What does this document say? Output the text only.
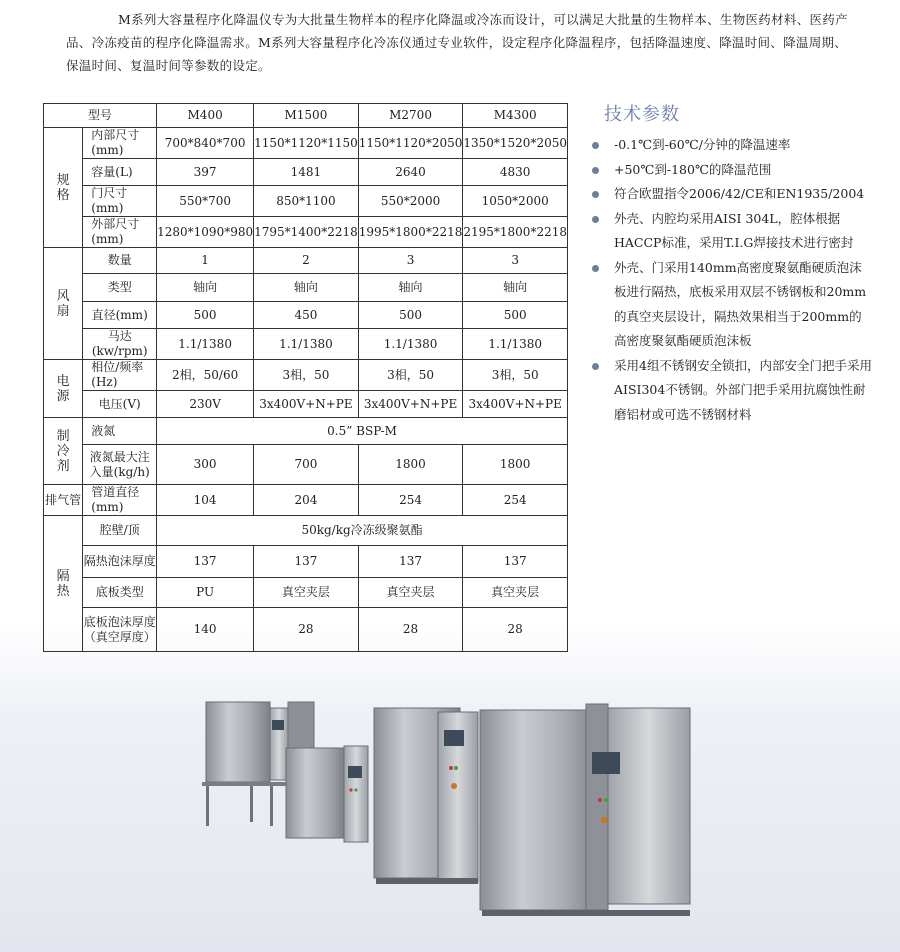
M系列大容量程序化降温仪专为大批量生物样本的程序化降温或冷冻而设计，可以满足大批量的生物样本、生物医药材料、医药产品、冷冻疫苗的程序化降温需求。M系列大容量程序化冷冻仪通过专业软件，设定程序化降温程序，包括降温速度、降温时间、降温周期、保温时间、复温时间等参数的设定。

型号		M400	M1500	M2700	M4300
规格	内部尺寸(mm)	700*840*700	1150*1120*1150	1150*1120*2050	1350*1520*2050

	容量(L)	397	1481	2640	4830

	门尺寸(mm)	550*700	850*1100	550*2000	1050*2000

	外部尺寸(mm)	1280*1090*980	1795*1400*2218	1995*1800*2218	2195*1800*2218
风扇	数量	1	2	3	3

	类型	轴向	轴向	轴向	轴向

	直径(mm)	500	450	500	500

	马达(kw/rpm)	1.1/1380	1.1/1380	1.1/1380	1.1/1380
电源	相位/频率(Hz)	2相，50/60	3相，50	3相，50	3相，50

	电压(V)	230V	3x400V+N+PE	3x400V+N+PE	3x400V+N+PE
制冷剂	液氮	0.5” BSP-M			

	液氮最大注入量(kg/h)	300	700	1800	1800
排气管	管道直径(mm)	104	204	254	254
隔热	腔壁/顶	50kg/kg冷冻级聚氨酯			

	隔热泡沫厚度	137	137	137	137

	底板类型	PU	真空夹层	真空夹层	真空夹层

	底板泡沫厚度
（真空厚度）	140	28	28	28
技术参数
-0.1℃到-60℃/分钟的降温速率
+50℃到-180℃的降温范围
符合欧盟指令2006/42/CE和EN1935/2004
外壳、内腔均采用AISI 304L，腔体根据HACCP标准，采用T.I.G焊接技术进行密封
外壳、门采用140mm高密度聚氨酯硬质泡沫板进行隔热，底板采用双层不锈钢板和20mm的真空夹层设计，隔热效果相当于200mm的高密度聚氨酯硬质泡沫板
采用4组不锈钢安全锁扣，内部安全门把手采用AISI304不锈钢。外部门把手采用抗腐蚀性耐磨铝材或可选不锈钢材料
